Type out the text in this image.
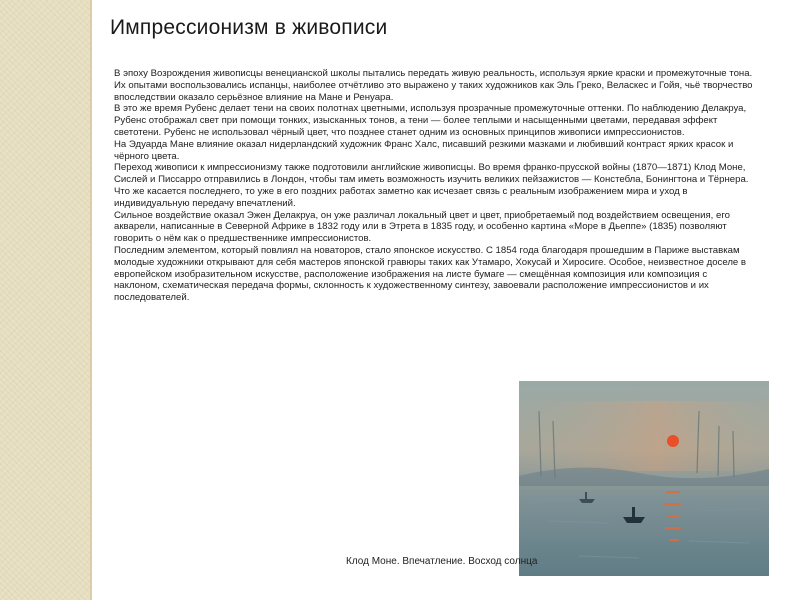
Импрессионизм в живописи

В эпоху Возрождения живописцы венецианской школы пытались передать живую реальность, используя яркие краски и промежуточные тона. Их опытами воспользовались испанцы, наиболее отчётливо это выражено у таких художников как Эль Греко, Веласкес и Гойя, чьё творчество впоследствии оказало серьёзное влияние на Мане и Ренуара.

В это же время Рубенс делает тени на своих полотнах цветными, используя прозрачные промежуточные оттенки. По наблюдению Делакруа, Рубенс отображал свет при помощи тонких, изысканных тонов, а тени — более теплыми и насыщенными цветами, передавая эффект светотени. Рубенс не использовал чёрный цвет, что позднее станет одним из основных принципов живописи импрессионистов.

На Эдуарда Мане влияние оказал нидерландский художник Франс Халс, писавший резкими мазками и любивший контраст ярких красок и чёрного цвета.

Переход живописи к импрессионизму также подготовили английские живописцы. Во время франко-прусской войны (1870—1871) Клод Моне, Сислей и Писсарро отправились в Лондон, чтобы там иметь возможность изучить великих пейзажистов — Констебла, Бонингтона и Тёрнера. Что же касается последнего, то уже в его поздних работах заметно как исчезает связь с реальным изображением мира и уход в индивидуальную передачу впечатлений.

Сильное воздействие оказал Эжен Делакруа, он уже различал локальный цвет и цвет, приобретаемый под воздействием освещения, его акварели, написанные в Северной Африке в 1832 году или в Этрета в 1835 году, и особенно картина «Море в Дьеппе» (1835) позволяют говорить о нём как о предшественнике импрессионистов.

Последним элементом, который повлиял на новаторов, стало японское искусство. С 1854 года благодаря прошедшим в Париже выставкам молодые художники открывают для себя мастеров японской гравюры таких как Утамаро, Хокусай и Хиросиге. Особое, неизвестное доселе в европейском изобразительном искусстве, расположение изображения на листе бумаге — смещённая композиция или композиция с наклоном, схематическая передача формы, склонность к художественному синтезу, завоевали расположение импрессионистов и их последователей.

Клод Моне. Впечатление. Восход солнца
